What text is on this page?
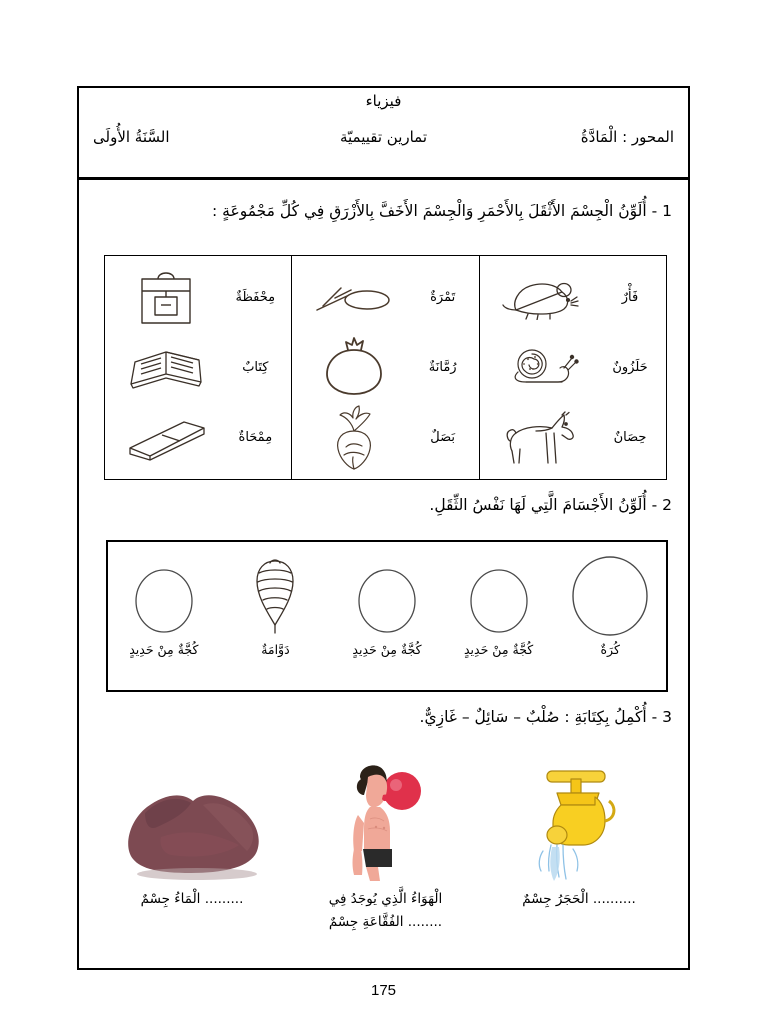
فيزياء
المحور : الْمَادَّةُ
تمارين تقييميّة
السَّنَةُ الأُولَى

1 - أُلَوِّنُ الْجِسْمَ الأَثْقَلَ بِالأَحْمَرِ وَالْجِسْمَ الأَخَفَّ بِالأَزْرَقِ فِي كُلِّ مَجْمُوعَةٍ :

فَأْرٌ
حَلَزُونٌ
حِصَانٌ
تَمْرَةٌ
رُمَّانَةٌ
بَصَلٌ
مِحْفَظَةٌ
كِتَابٌ
مِمْحَاةٌ

2 - أُلَوِّنُ الأَجْسَامَ الَّتِي لَهَا نَفْسُ الثِّقَلِ.

كُرَةٌ
كُجَّةٌ مِنْ حَدِيدٍ
كُجَّةٌ مِنْ حَدِيدٍ
دَوَّامَةٌ
كُجَّةٌ مِنْ حَدِيدٍ

3 - أُكْمِلُ بِكِتَابَةِ : صُلْبٌ – سَائِلٌ – غَازِيٌّ.

.......... الْحَجَرُ جِسْمٌ
الْهَوَاءُ الَّذِي يُوجَدُ فِي
........ الفُقَّاعَةِ جِسْمٌ
......... الْمَاءُ جِسْمٌ
175
